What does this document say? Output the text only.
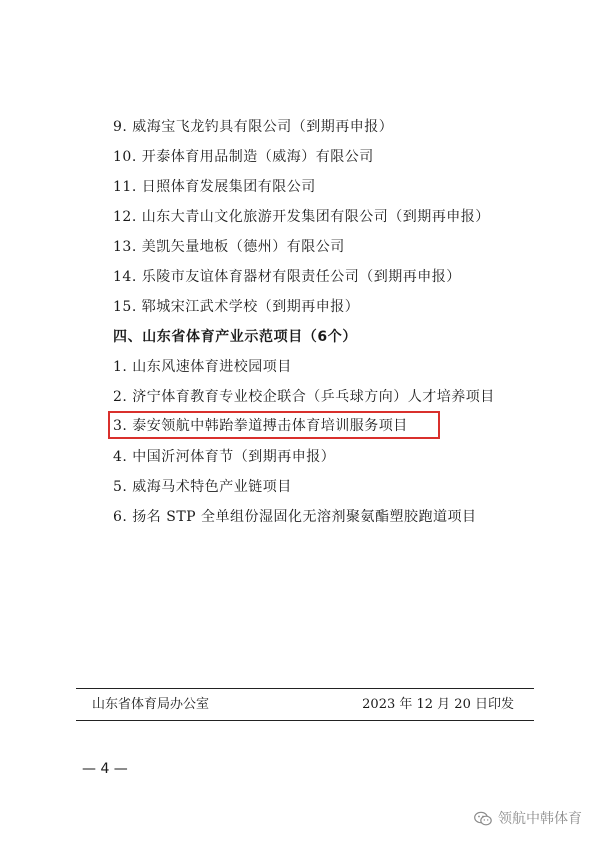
9. 威海宝飞龙钓具有限公司（到期再申报）
10. 开泰体育用品制造（威海）有限公司
11. 日照体育发展集团有限公司
12. 山东大青山文化旅游开发集团有限公司（到期再申报）
13. 美凯矢量地板（德州）有限公司
14. 乐陵市友谊体育器材有限责任公司（到期再申报）
15. 郓城宋江武术学校（到期再申报）
四、山东省体育产业示范项目（6个）
1. 山东风速体育进校园项目
2. 济宁体育教育专业校企联合（乒乓球方向）人才培养项目
3. 泰安领航中韩跆拳道搏击体育培训服务项目
4. 中国沂河体育节（到期再申报）
5. 威海马术特色产业链项目
6. 扬名 STP 全单组份湿固化无溶剂聚氨酯塑胶跑道项目
山东省体育局办公室	2023 年 12 月 20 日印发
— 4 —
领航中韩体育
